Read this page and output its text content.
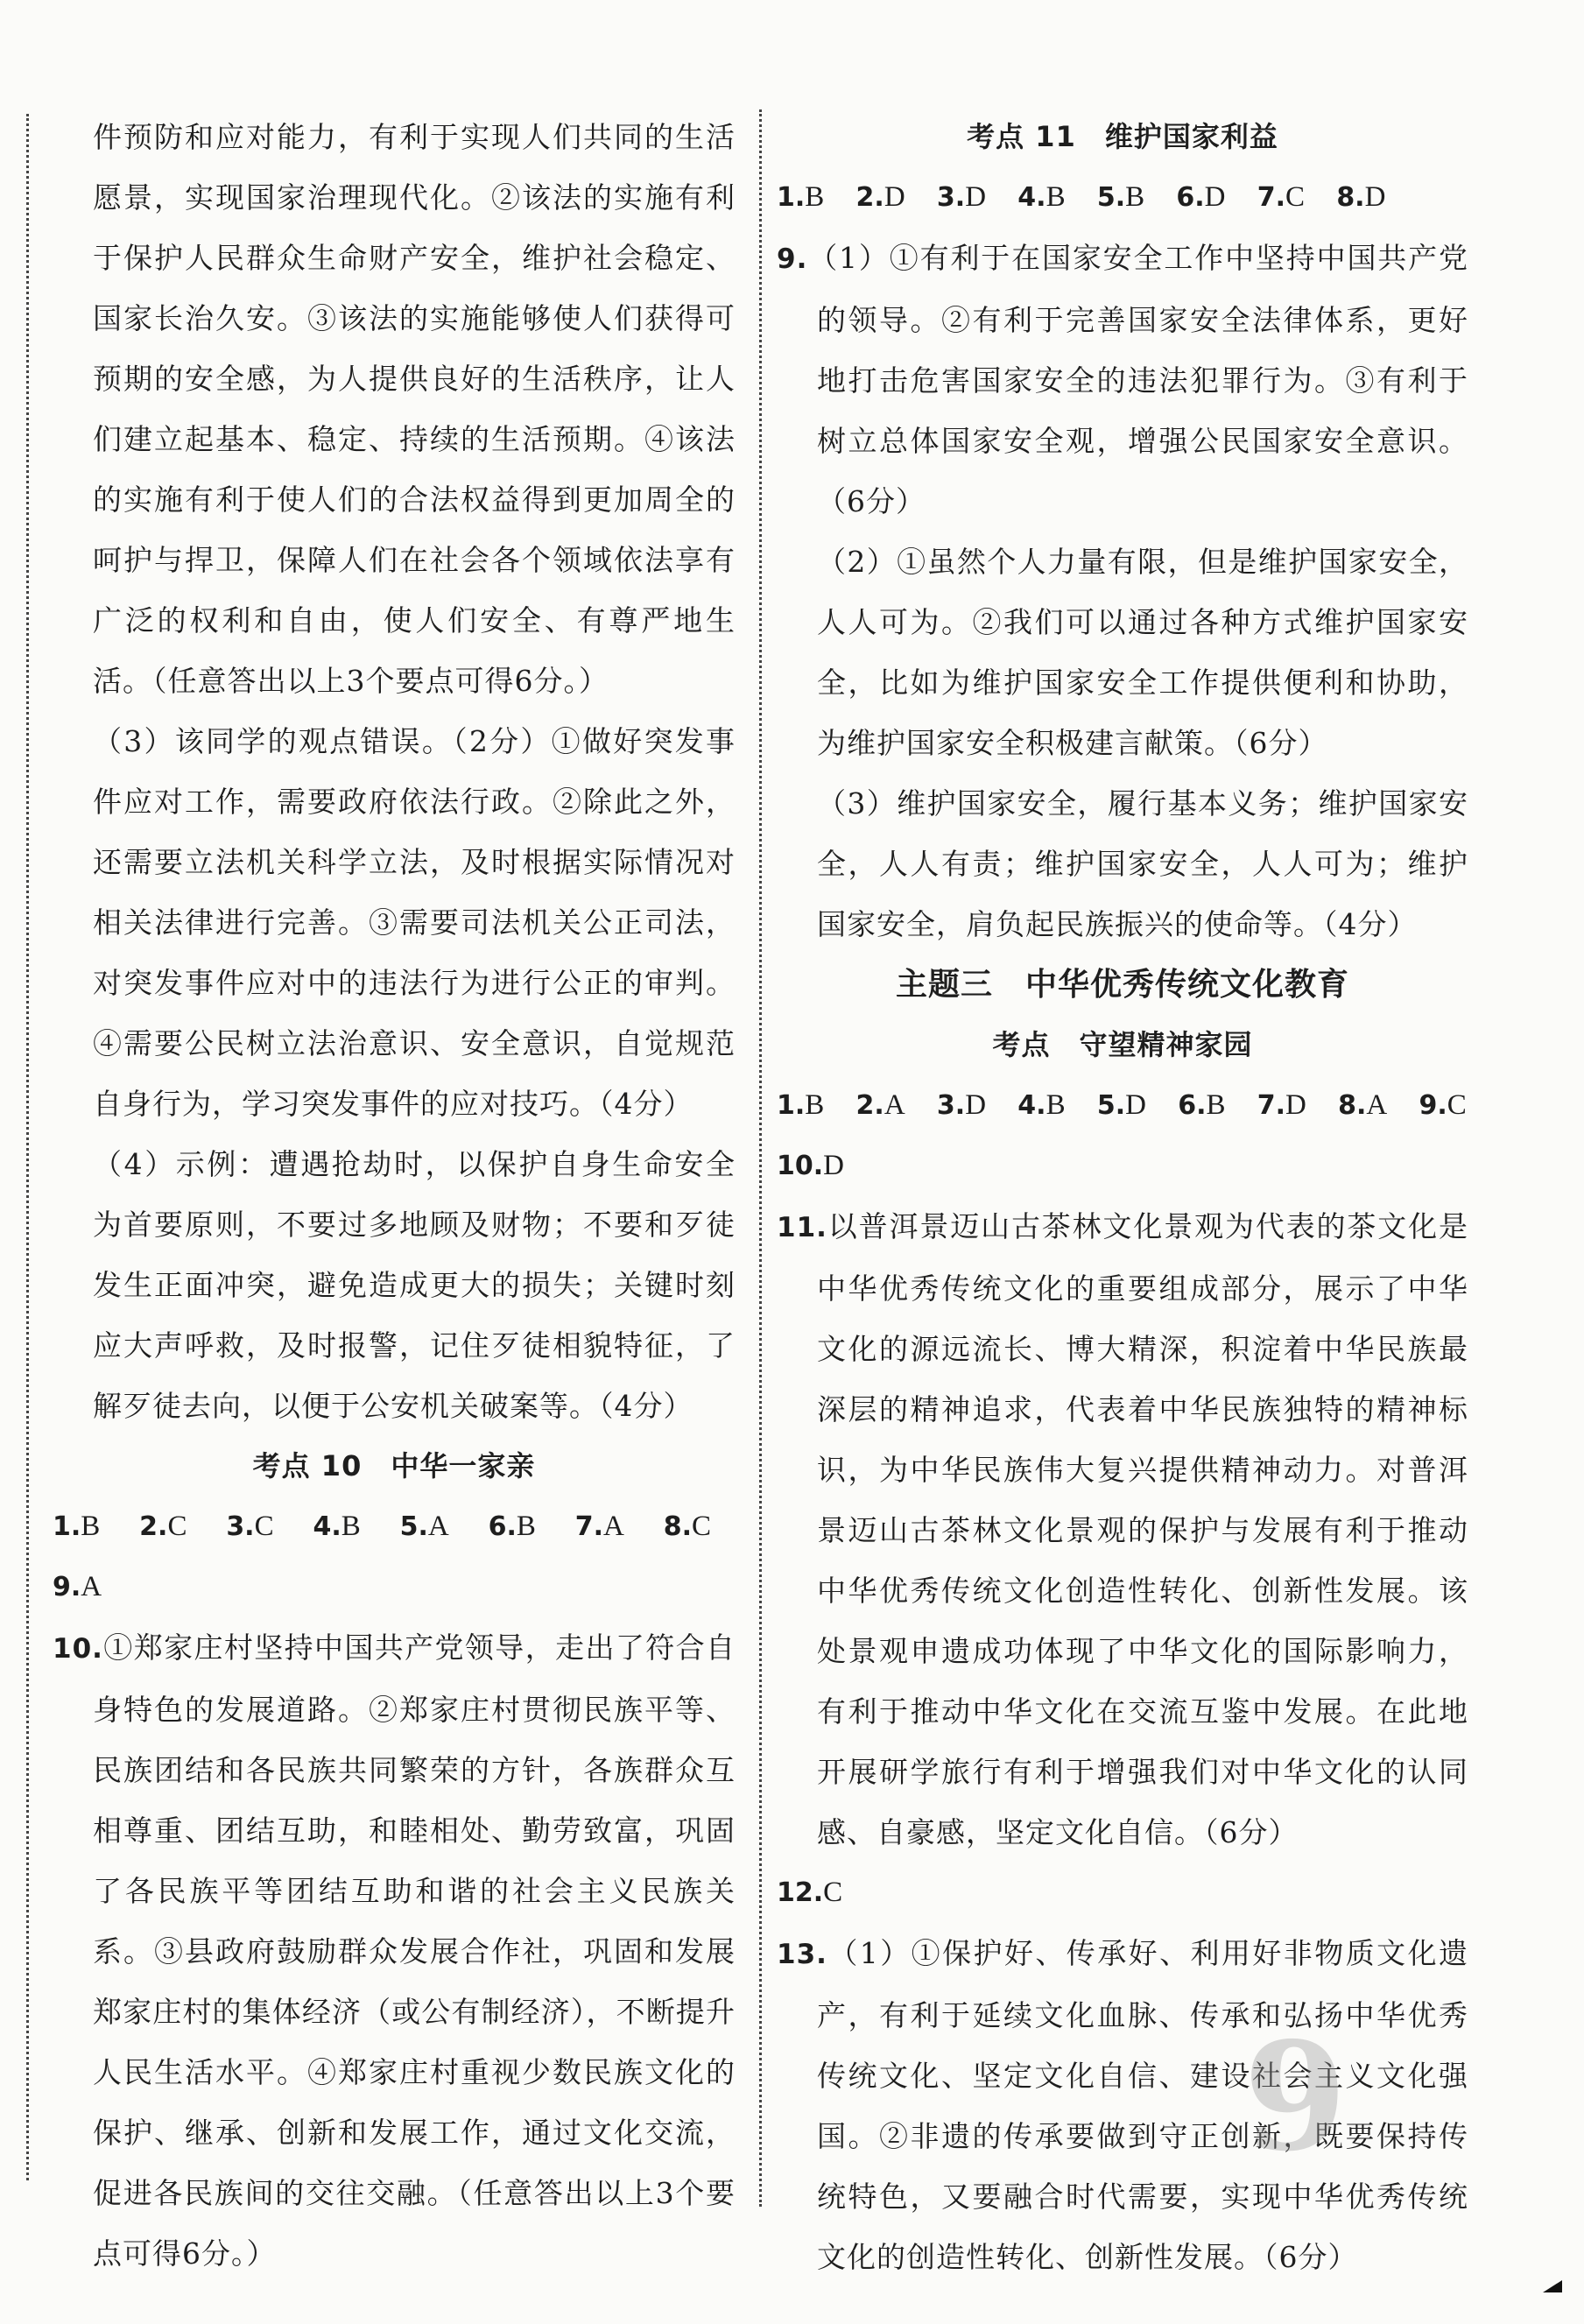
件预防和应对能力，有利于实现人们共同的生活愿景，实现国家治理现代化。②该法的实施有利于保护人民群众生命财产安全，维护社会稳定、国家长治久安。③该法的实施能够使人们获得可预期的安全感，为人提供良好的生活秩序，让人们建立起基本、稳定、持续的生活预期。④该法的实施有利于使人们的合法权益得到更加周全的呵护与捍卫，保障人们在社会各个领域依法享有广泛的权利和自由，使人们安全、有尊严地生活。（任意答出以上3个要点可得6分。）

（3）该同学的观点错误。（2分）①做好突发事件应对工作，需要政府依法行政。②除此之外，还需要立法机关科学立法，及时根据实际情况对相关法律进行完善。③需要司法机关公正司法，对突发事件应对中的违法行为进行公正的审判。④需要公民树立法治意识、安全意识，自觉规范自身行为，学习突发事件的应对技巧。（4分）

（4）示例：遭遇抢劫时，以保护自身生命安全为首要原则，不要过多地顾及财物；不要和歹徒发生正面冲突，避免造成更大的损失；关键时刻应大声呼救，及时报警，记住歹徒相貌特征，了解歹徒去向，以便于公安机关破案等。（4分）

考点 10　中华一家亲

1.B 2.C 3.C 4.B 5.A 6.B 7.A 8.C 9.A

10.①郑家庄村坚持中国共产党领导，走出了符合自身特色的发展道路。②郑家庄村贯彻民族平等、民族团结和各民族共同繁荣的方针，各族群众互相尊重、团结互助，和睦相处、勤劳致富，巩固了各民族平等团结互助和谐的社会主义民族关系。③县政府鼓励群众发展合作社，巩固和发展郑家庄村的集体经济（或公有制经济），不断提升人民生活水平。④郑家庄村重视少数民族文化的保护、继承、创新和发展工作，通过文化交流，促进各民族间的交往交融。（任意答出以上3个要点可得6分。）

考点 11　维护国家利益

1.B 2.D 3.D 4.B 5.B 6.D 7.C 8.D

9.（1）①有利于在国家安全工作中坚持中国共产党的领导。②有利于完善国家安全法律体系，更好地打击危害国家安全的违法犯罪行为。③有利于树立总体国家安全观，增强公民国家安全意识。（6分）

（2）①虽然个人力量有限，但是维护国家安全，人人可为。②我们可以通过各种方式维护国家安全，比如为维护国家安全工作提供便利和协助，为维护国家安全积极建言献策。（6分）

（3）维护国家安全，履行基本义务；维护国家安全，人人有责；维护国家安全，人人可为；维护国家安全，肩负起民族振兴的使命等。（4分）

主题三　中华优秀传统文化教育

考点　守望精神家园

1.B 2.A 3.D 4.B 5.D 6.B 7.D 8.A 9.C

10.D

11.以普洱景迈山古茶林文化景观为代表的茶文化是中华优秀传统文化的重要组成部分，展示了中华文化的源远流长、博大精深，积淀着中华民族最深层的精神追求，代表着中华民族独特的精神标识，为中华民族伟大复兴提供精神动力。对普洱景迈山古茶林文化景观的保护与发展有利于推动中华优秀传统文化创造性转化、创新性发展。该处景观申遗成功体现了中华文化的国际影响力，有利于推动中华文化在交流互鉴中发展。在此地开展研学旅行有利于增强我们对中华文化的认同感、自豪感，坚定文化自信。（6分）

12.C

13.（1）①保护好、传承好、利用好非物质文化遗产，有利于延续文化血脉、传承和弘扬中华优秀传统文化、坚定文化自信、建设社会主义文化强国。②非遗的传承要做到守正创新，既要保持传统特色，又要融合时代需要，实现中华优秀传统文化的创造性转化、创新性发展。（6分）

9
